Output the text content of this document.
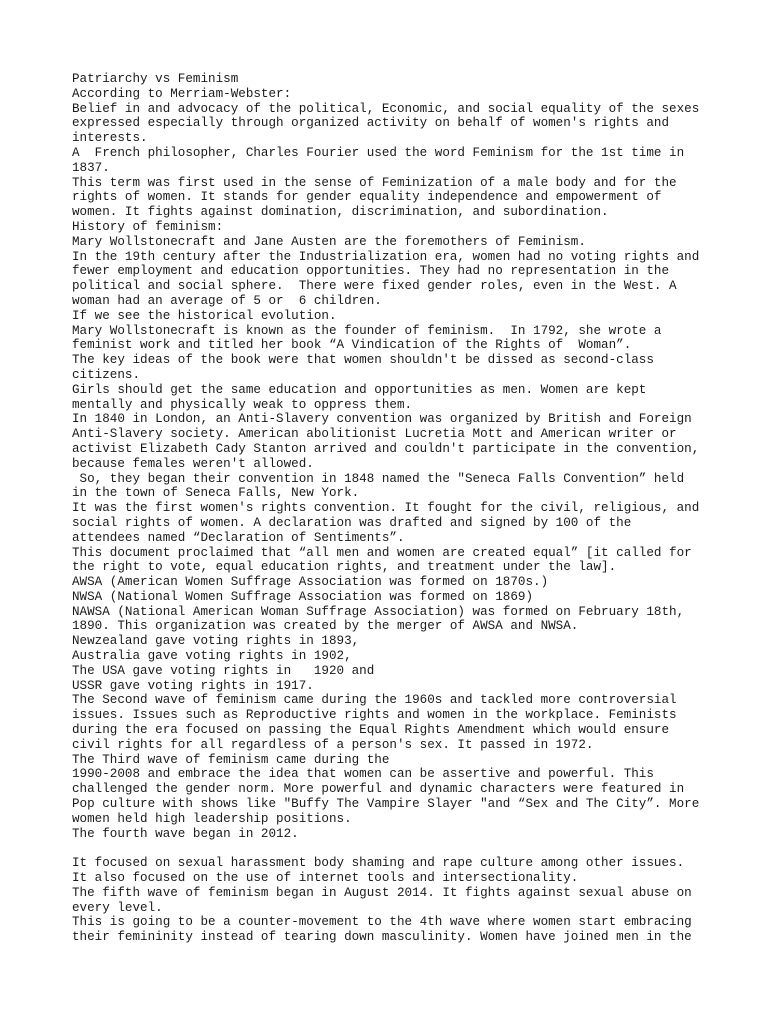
Patriarchy vs Feminism
According to Merriam-Webster:
Belief in and advocacy of the political, Economic, and social equality of the sexes
expressed especially through organized activity on behalf of women's rights and
interests.
A  French philosopher, Charles Fourier used the word Feminism for the 1st time in
1837.
This term was first used in the sense of Feminization of a male body and for the
rights of women. It stands for gender equality independence and empowerment of
women. It fights against domination, discrimination, and subordination.
History of feminism:
Mary Wollstonecraft and Jane Austen are the foremothers of Feminism.
In the 19th century after the Industrialization era, women had no voting rights and
fewer employment and education opportunities. They had no representation in the
political and social sphere.  There were fixed gender roles, even in the West. A
woman had an average of 5 or  6 children.
If we see the historical evolution.
Mary Wollstonecraft is known as the founder of feminism.  In 1792, she wrote a
feminist work and titled her book “A Vindication of the Rights of  Woman”.
The key ideas of the book were that women shouldn't be dissed as second-class
citizens.
Girls should get the same education and opportunities as men. Women are kept
mentally and physically weak to oppress them.
In 1840 in London, an Anti-Slavery convention was organized by British and Foreign
Anti-Slavery society. American abolitionist Lucretia Mott and American writer or
activist Elizabeth Cady Stanton arrived and couldn't participate in the convention,
because females weren't allowed.
So, they began their convention in 1848 named the "Seneca Falls Convention” held
in the town of Seneca Falls, New York.
It was the first women's rights convention. It fought for the civil, religious, and
social rights of women. A declaration was drafted and signed by 100 of the
attendees named “Declaration of Sentiments”.
This document proclaimed that “all men and women are created equal” [it called for
the right to vote, equal education rights, and treatment under the law].
AWSA (American Women Suffrage Association was formed on 1870s.)
NWSA (National Women Suffrage Association was formed on 1869)
NAWSA (National American Woman Suffrage Association) was formed on February 18th,
1890. This organization was created by the merger of AWSA and NWSA.
Newzealand gave voting rights in 1893,
Australia gave voting rights in 1902,
The USA gave voting rights in   1920 and
USSR gave voting rights in 1917.
The Second wave of feminism came during the 1960s and tackled more controversial
issues. Issues such as Reproductive rights and women in the workplace. Feminists
during the era focused on passing the Equal Rights Amendment which would ensure
civil rights for all regardless of a person's sex. It passed in 1972.
The Third wave of feminism came during the
1990-2008 and embrace the idea that women can be assertive and powerful. This
challenged the gender norm. More powerful and dynamic characters were featured in
Pop culture with shows like "Buffy The Vampire Slayer "and “Sex and The City”. More
women held high leadership positions.
The fourth wave began in 2012.
It focused on sexual harassment body shaming and rape culture among other issues.
It also focused on the use of internet tools and intersectionality.
The fifth wave of feminism began in August 2014. It fights against sexual abuse on
every level.
This is going to be a counter-movement to the 4th wave where women start embracing
their femininity instead of tearing down masculinity. Women have joined men in the
